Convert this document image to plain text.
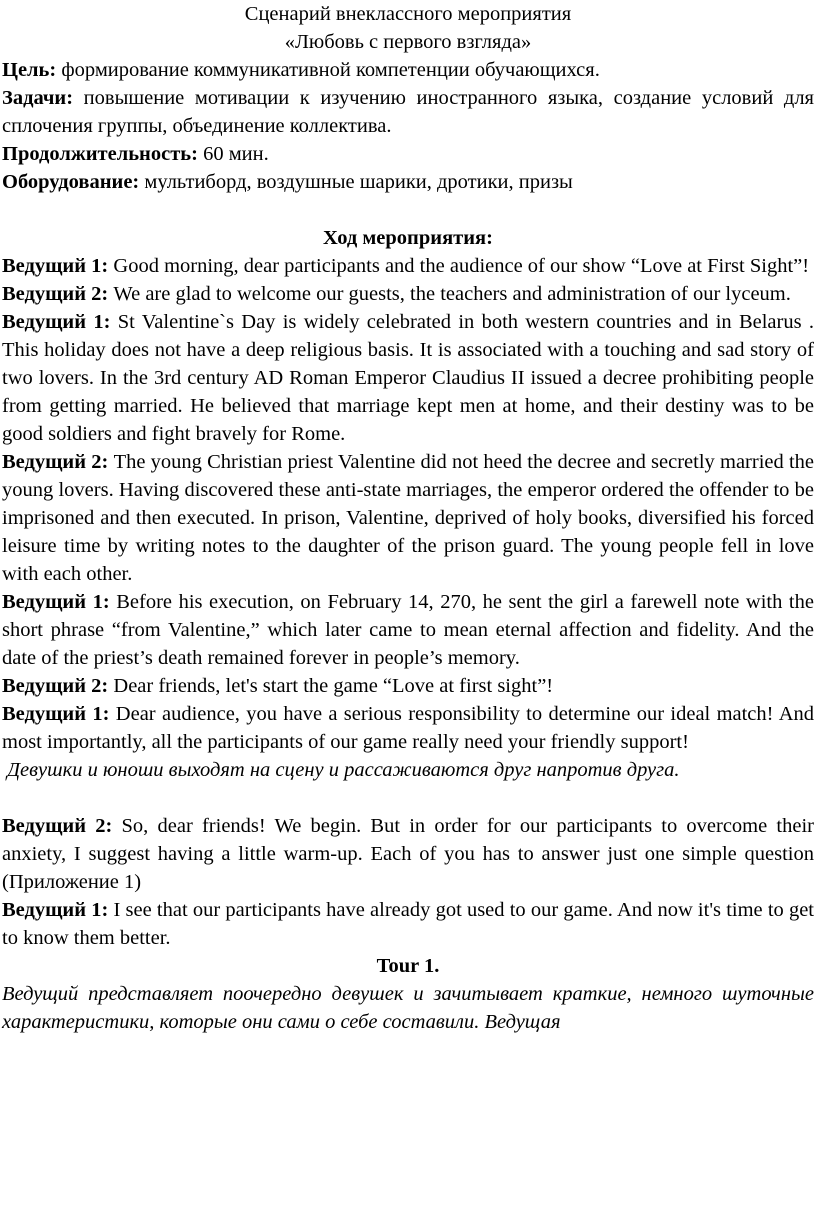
Сценарий внеклассного мероприятия
«Любовь с первого взгляда»

Цель: формирование коммуникативной компетенции обучающихся.

Задачи: повышение мотивации к изучению иностранного языка, создание условий для сплочения группы, объединение коллектива.

Продолжительность: 60 мин.

Оборудование: мультиборд, воздушные шарики, дротики, призы

Ход мероприятия:

Ведущий 1: Good morning, dear participants and the audience of our show “Love at First Sight”!

Ведущий 2: We are glad to welcome our guests, the teachers and administration of our lyceum.

Ведущий 1: St Valentine`s Day is widely celebrated in both western countries and in Belarus . This holiday does not have a deep religious basis. It is associated with a touching and sad story of two lovers. In the 3rd century AD Roman Emperor Claudius II issued a decree prohibiting people from getting married. He believed that marriage kept men at home, and their destiny was to be good soldiers and fight bravely for Rome.

Ведущий 2: The young Christian priest Valentine did not heed the decree and secretly married the young lovers. Having discovered these anti-state marriages, the emperor ordered the offender to be imprisoned and then executed. In prison, Valentine, deprived of holy books, diversified his forced leisure time by writing notes to the daughter of the prison guard. The young people fell in love with each other.

Ведущий 1: Before his execution, on February 14, 270, he sent the girl a farewell note with the short phrase “from Valentine,” which later came to mean eternal affection and fidelity. And the date of the priest’s death remained forever in people’s memory.

Ведущий 2: Dear friends, let's start the game “Love at first sight”!

Ведущий 1: Dear audience, you have a serious responsibility to determine our ideal match! And most importantly, all the participants of our game really need your friendly support!

Девушки и юноши выходят на сцену и рассаживаются друг напротив друга.

Ведущий 2: So, dear friends! We begin. But in order for our participants to overcome their anxiety, I suggest having a little warm-up. Each of you has to answer just one simple question (Приложение 1)

Ведущий 1: I see that our participants have already got used to our game. And now it's time to get to know them better.

Tour 1.

Ведущий представляет поочередно девушек и зачитывает краткие, немного шуточные характеристики, которые они сами о себе составили. Ведущая
